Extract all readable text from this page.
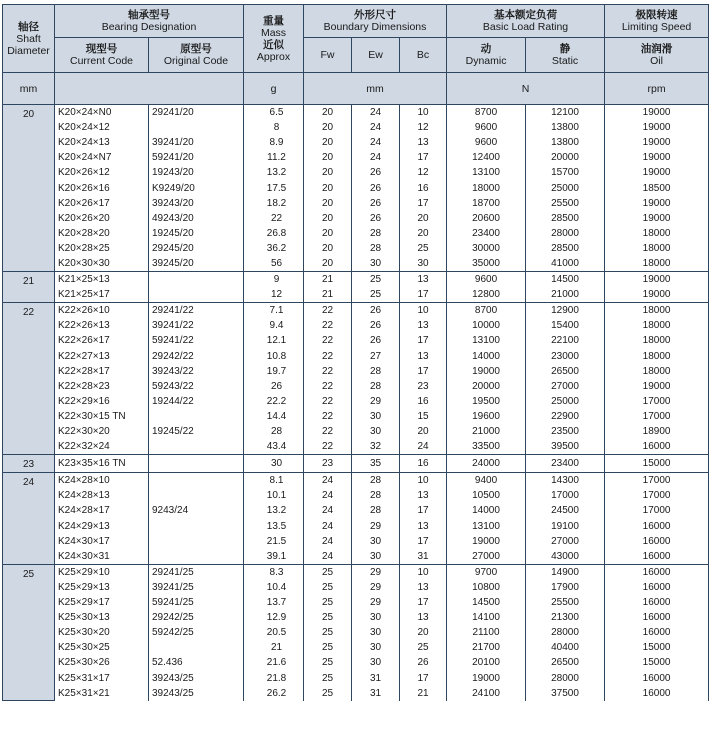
轴径
Shaft
Diameter	轴承型号
Bearing Designation		重量
Mass
近似
Approx	外形尺寸
Boundary Dimensions			基本额定负荷
Basic Load Rating		极限转速
Limiting Speed

	现型号
Current Code	原型号
Original Code		Fw	Ew	Bc	动
Dynamic	静
Static	油润滑
Oil

mm			g	mm			N		rpm
20	K20×24×N0	29241/20	6.5	20	24	10	8700	12100	19000
	K20×24×12		8	20	24	12	9600	13800	19000
	K20×24×13	39241/20	8.9	20	24	13	9600	13800	19000
	K20×24×N7	59241/20	11.2	20	24	17	12400	20000	19000
	K20×26×12	19243/20	13.2	20	26	12	13100	15700	19000
	K20×26×16	K9249/20	17.5	20	26	16	18000	25000	18500
	K20×26×17	39243/20	18.2	20	26	17	18700	25500	19000
	K20×26×20	49243/20	22	20	26	20	20600	28500	19000
	K20×28×20	19245/20	26.8	20	28	20	23400	28000	18000
	K20×28×25	29245/20	36.2	20	28	25	30000	28500	18000
	K20×30×30	39245/20	56	20	30	30	35000	41000	18000
21	K21×25×13		9	21	25	13	9600	14500	19000
	K21×25×17		12	21	25	17	12800	21000	19000
22	K22×26×10	29241/22	7.1	22	26	10	8700	12900	18000
	K22×26×13	39241/22	9.4	22	26	13	10000	15400	18000
	K22×26×17	59241/22	12.1	22	26	17	13100	22100	18000
	K22×27×13	29242/22	10.8	22	27	13	14000	23000	18000
	K22×28×17	39243/22	19.7	22	28	17	19000	26500	18000
	K22×28×23	59243/22	26	22	28	23	20000	27000	19000
	K22×29×16	19244/22	22.2	22	29	16	19500	25000	17000
	K22×30×15 TN		14.4	22	30	15	19600	22900	17000
	K22×30×20	19245/22	28	22	30	20	21000	23500	18900
	K22×32×24		43.4	22	32	24	33500	39500	16000
23	K23×35×16 TN		30	23	35	16	24000	23400	15000
24	K24×28×10		8.1	24	28	10	9400	14300	17000
	K24×28×13		10.1	24	28	13	10500	17000	17000
	K24×28×17	9243/24	13.2	24	28	17	14000	24500	17000
	K24×29×13		13.5	24	29	13	13100	19100	16000
	K24×30×17		21.5	24	30	17	19000	27000	16000
	K24×30×31		39.1	24	30	31	27000	43000	16000
25	K25×29×10	29241/25	8.3	25	29	10	9700	14900	16000
	K25×29×13	39241/25	10.4	25	29	13	10800	17900	16000
	K25×29×17	59241/25	13.7	25	29	17	14500	25500	16000
	K25×30×13	29242/25	12.9	25	30	13	14100	21300	16000
	K25×30×20	59242/25	20.5	25	30	20	21100	28000	16000
	K25×30×25		21	25	30	25	21700	40400	15000
	K25×30×26	52.436	21.6	25	30	26	20100	26500	15000
	K25×31×17	39243/25	21.8	25	31	17	19000	28000	16000
	K25×31×21	39243/25	26.2	25	31	21	24100	37500	16000
